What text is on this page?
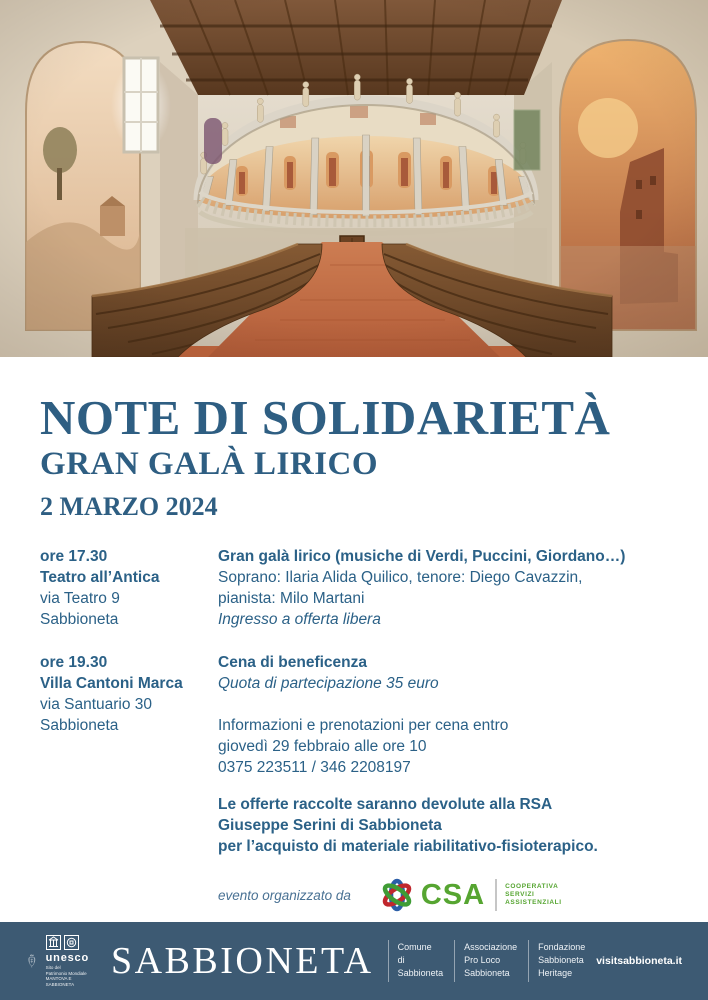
NOTE DI SOLIDARIETÀ
GRAN GALÀ LIRICO
2 MARZO 2024
ore 17.30
Teatro all’Antica
via Teatro 9
Sabbioneta
Gran galà lirico (musiche di Verdi, Puccini, Giordano…)
Soprano: Ilaria Alida Quilico, tenore: Diego Cavazzin,
pianista: Milo Martani
Ingresso a offerta libera
ore 19.30
Villa Cantoni Marca
via Santuario 30
Sabbioneta
Cena di beneficenza
Quota di partecipazione 35 euro
Informazioni e prenotazioni per cena entro
giovedì 29 febbraio alle ore 10
0375 223511 / 346 2208197
Le offerte raccolte saranno devolute alla RSA
Giuseppe Serini di Sabbioneta
per l’acquisto di materiale riabilitativo-fisioterapico.
evento organizzato da CSA	COOPERATIVA
SERVIZI
ASSISTENZIALI
unesco
Sito del
Patrimonio Mondiale
MANTOVA E SABBIONETA
SABBIONETA	Comune
di Sabbioneta
Associazione
Pro Loco
Sabbioneta
Fondazione
Sabbioneta
Heritage
visitsabbioneta.it
